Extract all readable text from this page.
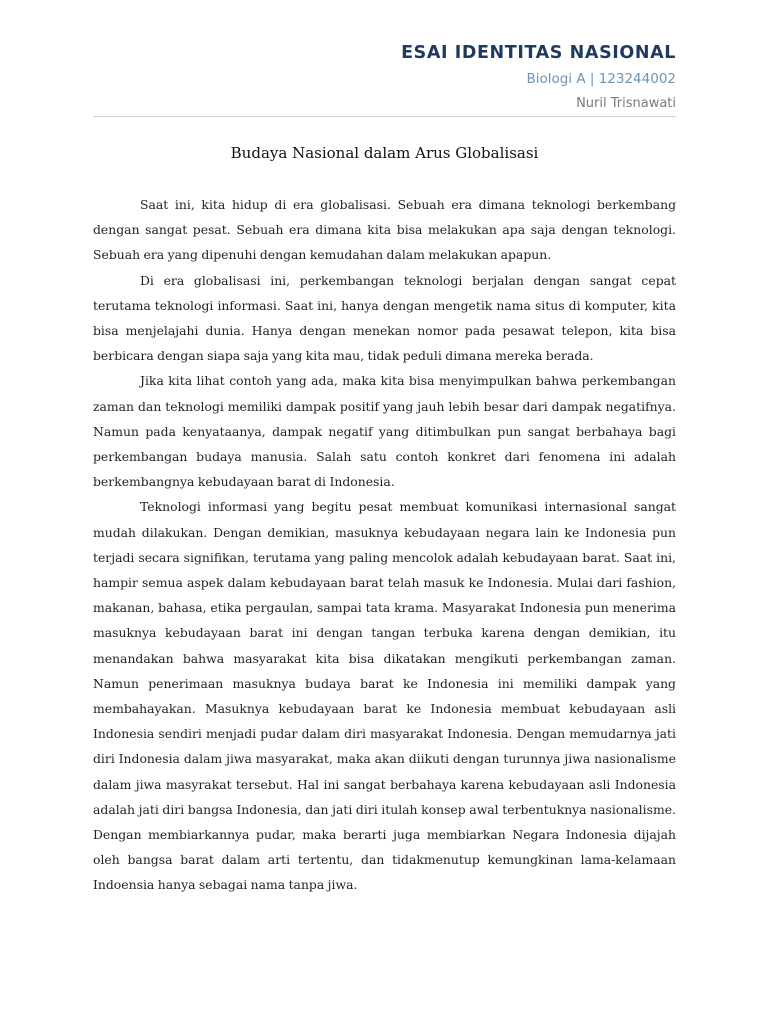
ESAI IDENTITAS NASIONAL
Biologi A | 123244002
Nuril Trisnawati
Budaya Nasional dalam Arus Globalisasi

Saat ini, kita hidup di era globalisasi. Sebuah era dimana teknologi berkembang dengan sangat pesat. Sebuah era dimana kita bisa melakukan apa saja dengan teknologi. Sebuah era yang dipenuhi dengan kemudahan dalam melakukan apapun.

Di era globalisasi ini, perkembangan teknologi berjalan dengan sangat cepat terutama teknologi informasi. Saat ini, hanya dengan mengetik nama situs di komputer, kita bisa menjelajahi dunia. Hanya dengan menekan nomor pada pesawat telepon, kita bisa berbicara dengan siapa saja yang kita mau, tidak peduli dimana mereka berada.

Jika kita lihat contoh yang ada, maka kita bisa menyimpulkan bahwa perkembangan zaman dan teknologi memiliki dampak positif yang jauh lebih besar dari dampak negatifnya. Namun pada kenyataanya, dampak negatif yang ditimbulkan pun sangat berbahaya bagi perkembangan budaya manusia. Salah satu contoh konkret dari fenomena ini adalah berkembangnya kebudayaan barat di Indonesia.

Teknologi informasi yang begitu pesat membuat komunikasi internasional sangat mudah dilakukan. Dengan demikian, masuknya kebudayaan negara lain ke Indonesia pun terjadi secara signifikan, terutama yang paling mencolok adalah kebudayaan barat. Saat ini, hampir semua aspek dalam kebudayaan barat telah masuk ke Indonesia. Mulai dari fashion, makanan, bahasa, etika pergaulan, sampai tata krama. Masyarakat Indonesia pun menerima masuknya kebudayaan barat ini dengan tangan terbuka karena dengan demikian, itu menandakan bahwa masyarakat kita bisa dikatakan mengikuti perkembangan zaman. Namun penerimaan masuknya budaya barat ke Indonesia ini memiliki dampak yang membahayakan. Masuknya kebudayaan barat ke Indonesia membuat kebudayaan asli Indonesia sendiri menjadi pudar dalam diri masyarakat Indonesia. Dengan memudarnya jati diri Indonesia dalam jiwa masyarakat, maka akan diikuti dengan turunnya jiwa nasionalisme dalam jiwa masyrakat tersebut. Hal ini sangat berbahaya karena kebudayaan asli Indonesia adalah jati diri bangsa Indonesia, dan jati diri itulah konsep awal terbentuknya nasionalisme. Dengan membiarkannya pudar, maka berarti juga membiarkan Negara Indonesia dijajah oleh bangsa barat dalam arti tertentu, dan tidakmenutup kemungkinan lama-kelamaan Indoensia hanya sebagai nama tanpa jiwa.
